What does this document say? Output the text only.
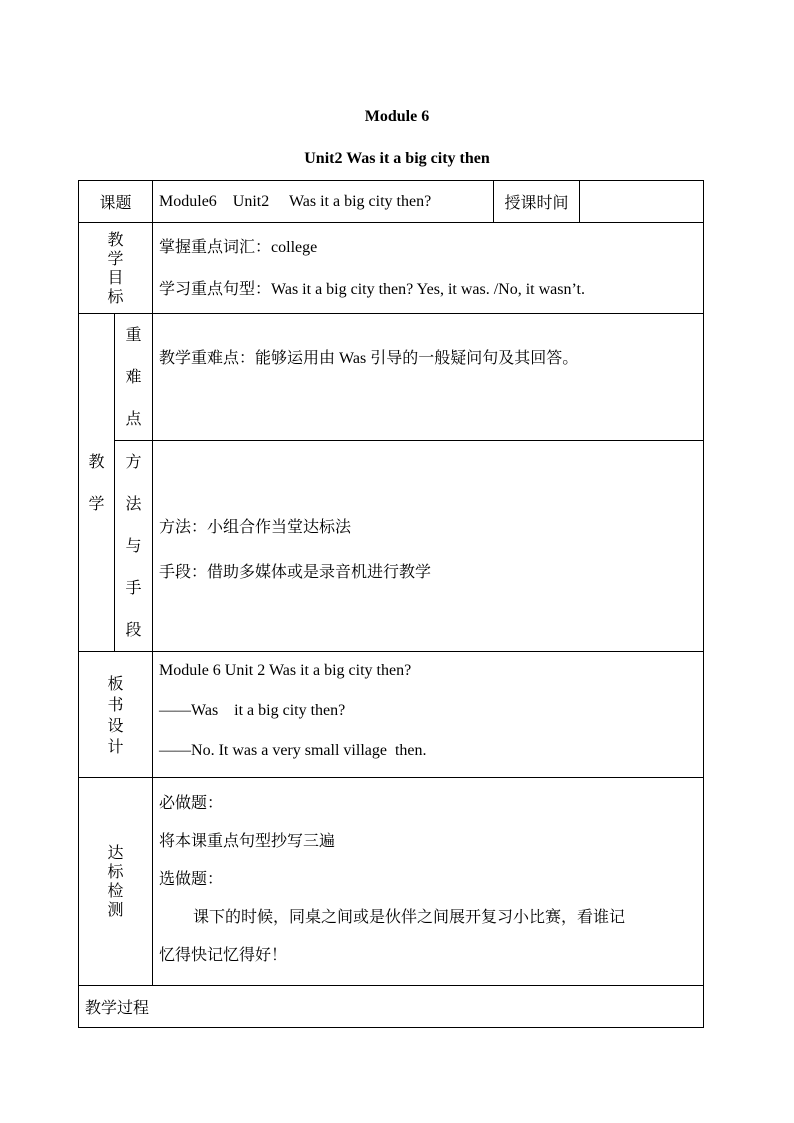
Module 6
Unit2 Was it a big city then
课题		Module6    Unit2     Was it a big city then?	授课时间	
教学目标		掌握重点词汇：college
学习重点句型：Was it a big city then? Yes, it was. /No, it wasn’t.		

教学	重难点	教学重难点：能够运用由 Was 引导的一般疑问句及其回答。		

	方法与手段	方法：小组合作当堂达标法
手段：借助多媒体或是录音机进行教学		

板书设计		Module 6 Unit 2 Was it a big city then?
——Was    it a big city then?
——No. It was a very small village  then.		

达标检测		必做题：
将本课重点句型抄写三遍
选做题：
课下的时候，同桌之间或是伙伴之间展开复习小比赛，看谁记
忆得快记忆得好！		

教学过程				
